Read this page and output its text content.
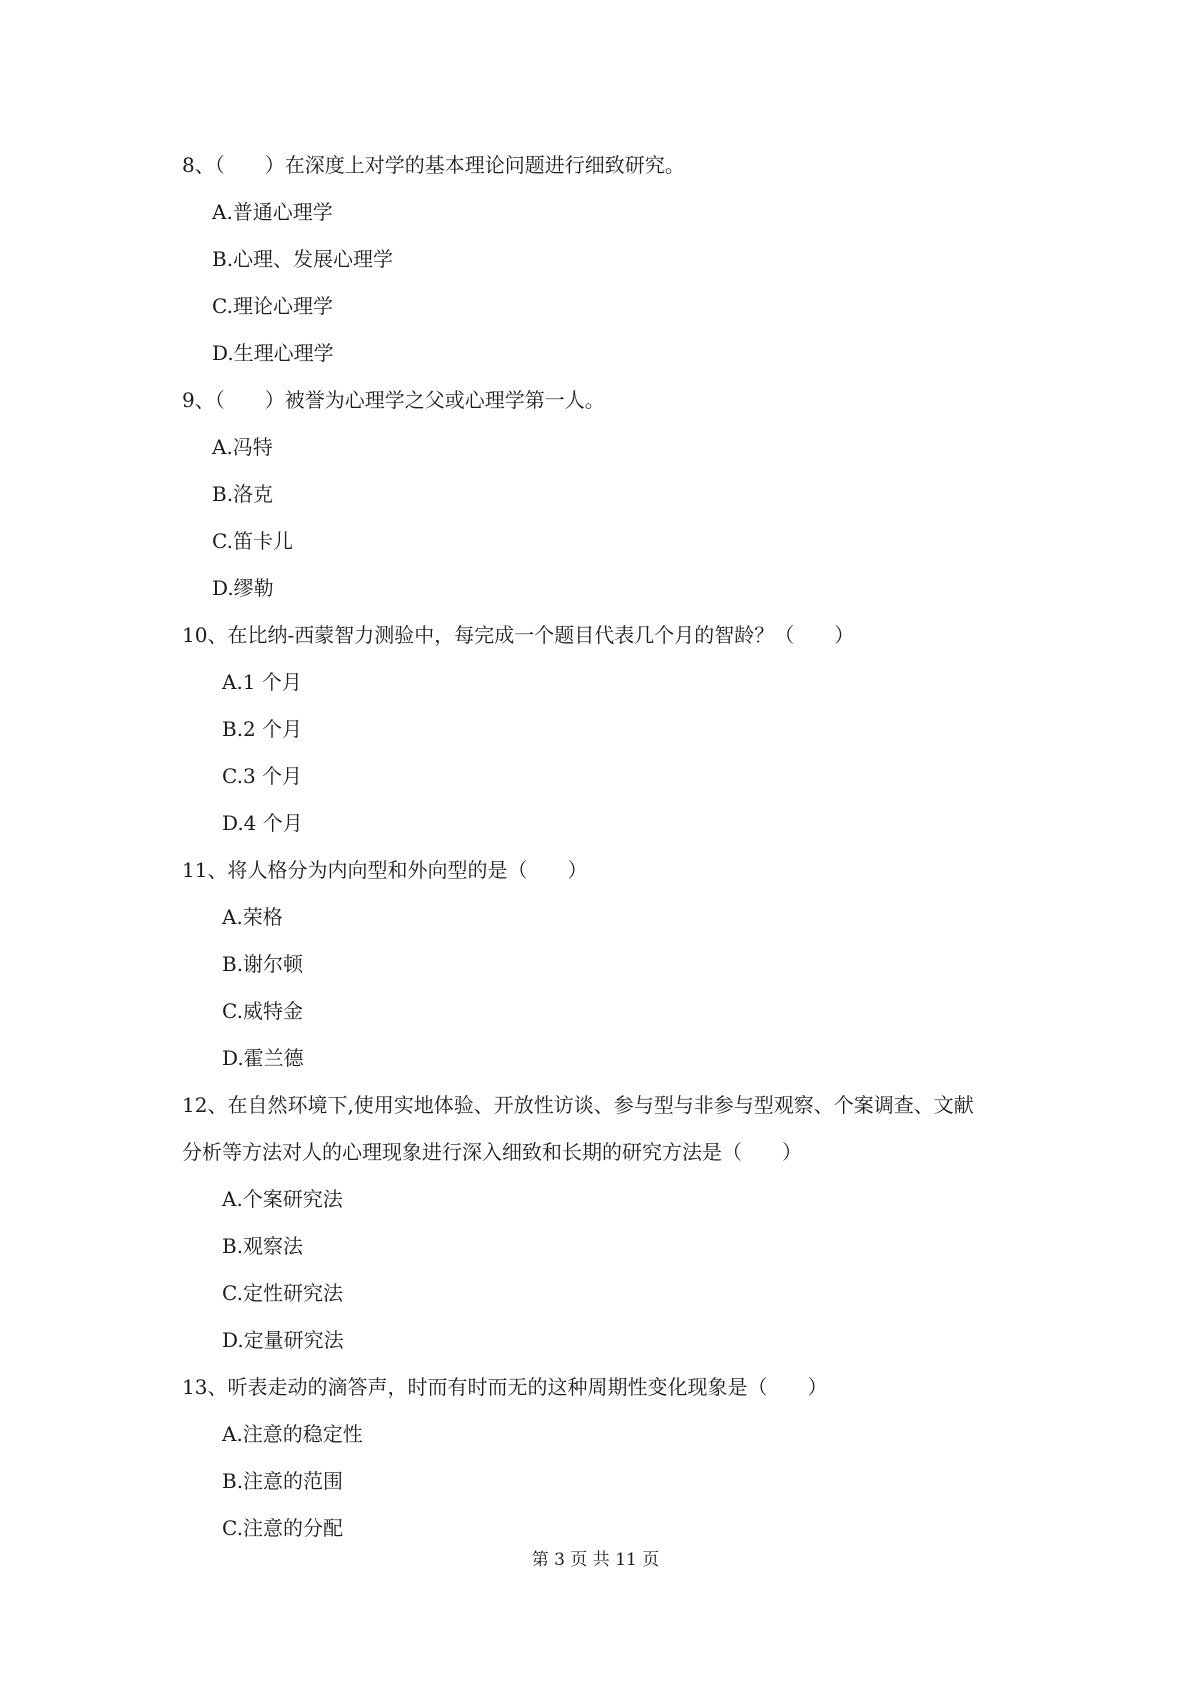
8、（　　）在深度上对学的基本理论问题进行细致研究。
A.普通心理学
B.心理、发展心理学
C.理论心理学
D.生理心理学
9、（　　）被誉为心理学之父或心理学第一人。
A.冯特
B.洛克
C.笛卡儿
D.缪勒
10、在比纳-西蒙智力测验中，每完成一个题目代表几个月的智龄？（　　）
A.1 个月
B.2 个月
C.3 个月
D.4 个月
11、将人格分为内向型和外向型的是（　　）
A.荣格
B.谢尔顿
C.威特金
D.霍兰德
12、在自然环境下,使用实地体验、开放性访谈、参与型与非参与型观察、个案调查、文献
分析等方法对人的心理现象进行深入细致和长期的研究方法是（　　）
A.个案研究法
B.观察法
C.定性研究法
D.定量研究法
13、听表走动的滴答声，时而有时而无的这种周期性变化现象是（　　）
A.注意的稳定性
B.注意的范围
C.注意的分配
第 3 页 共 11 页
